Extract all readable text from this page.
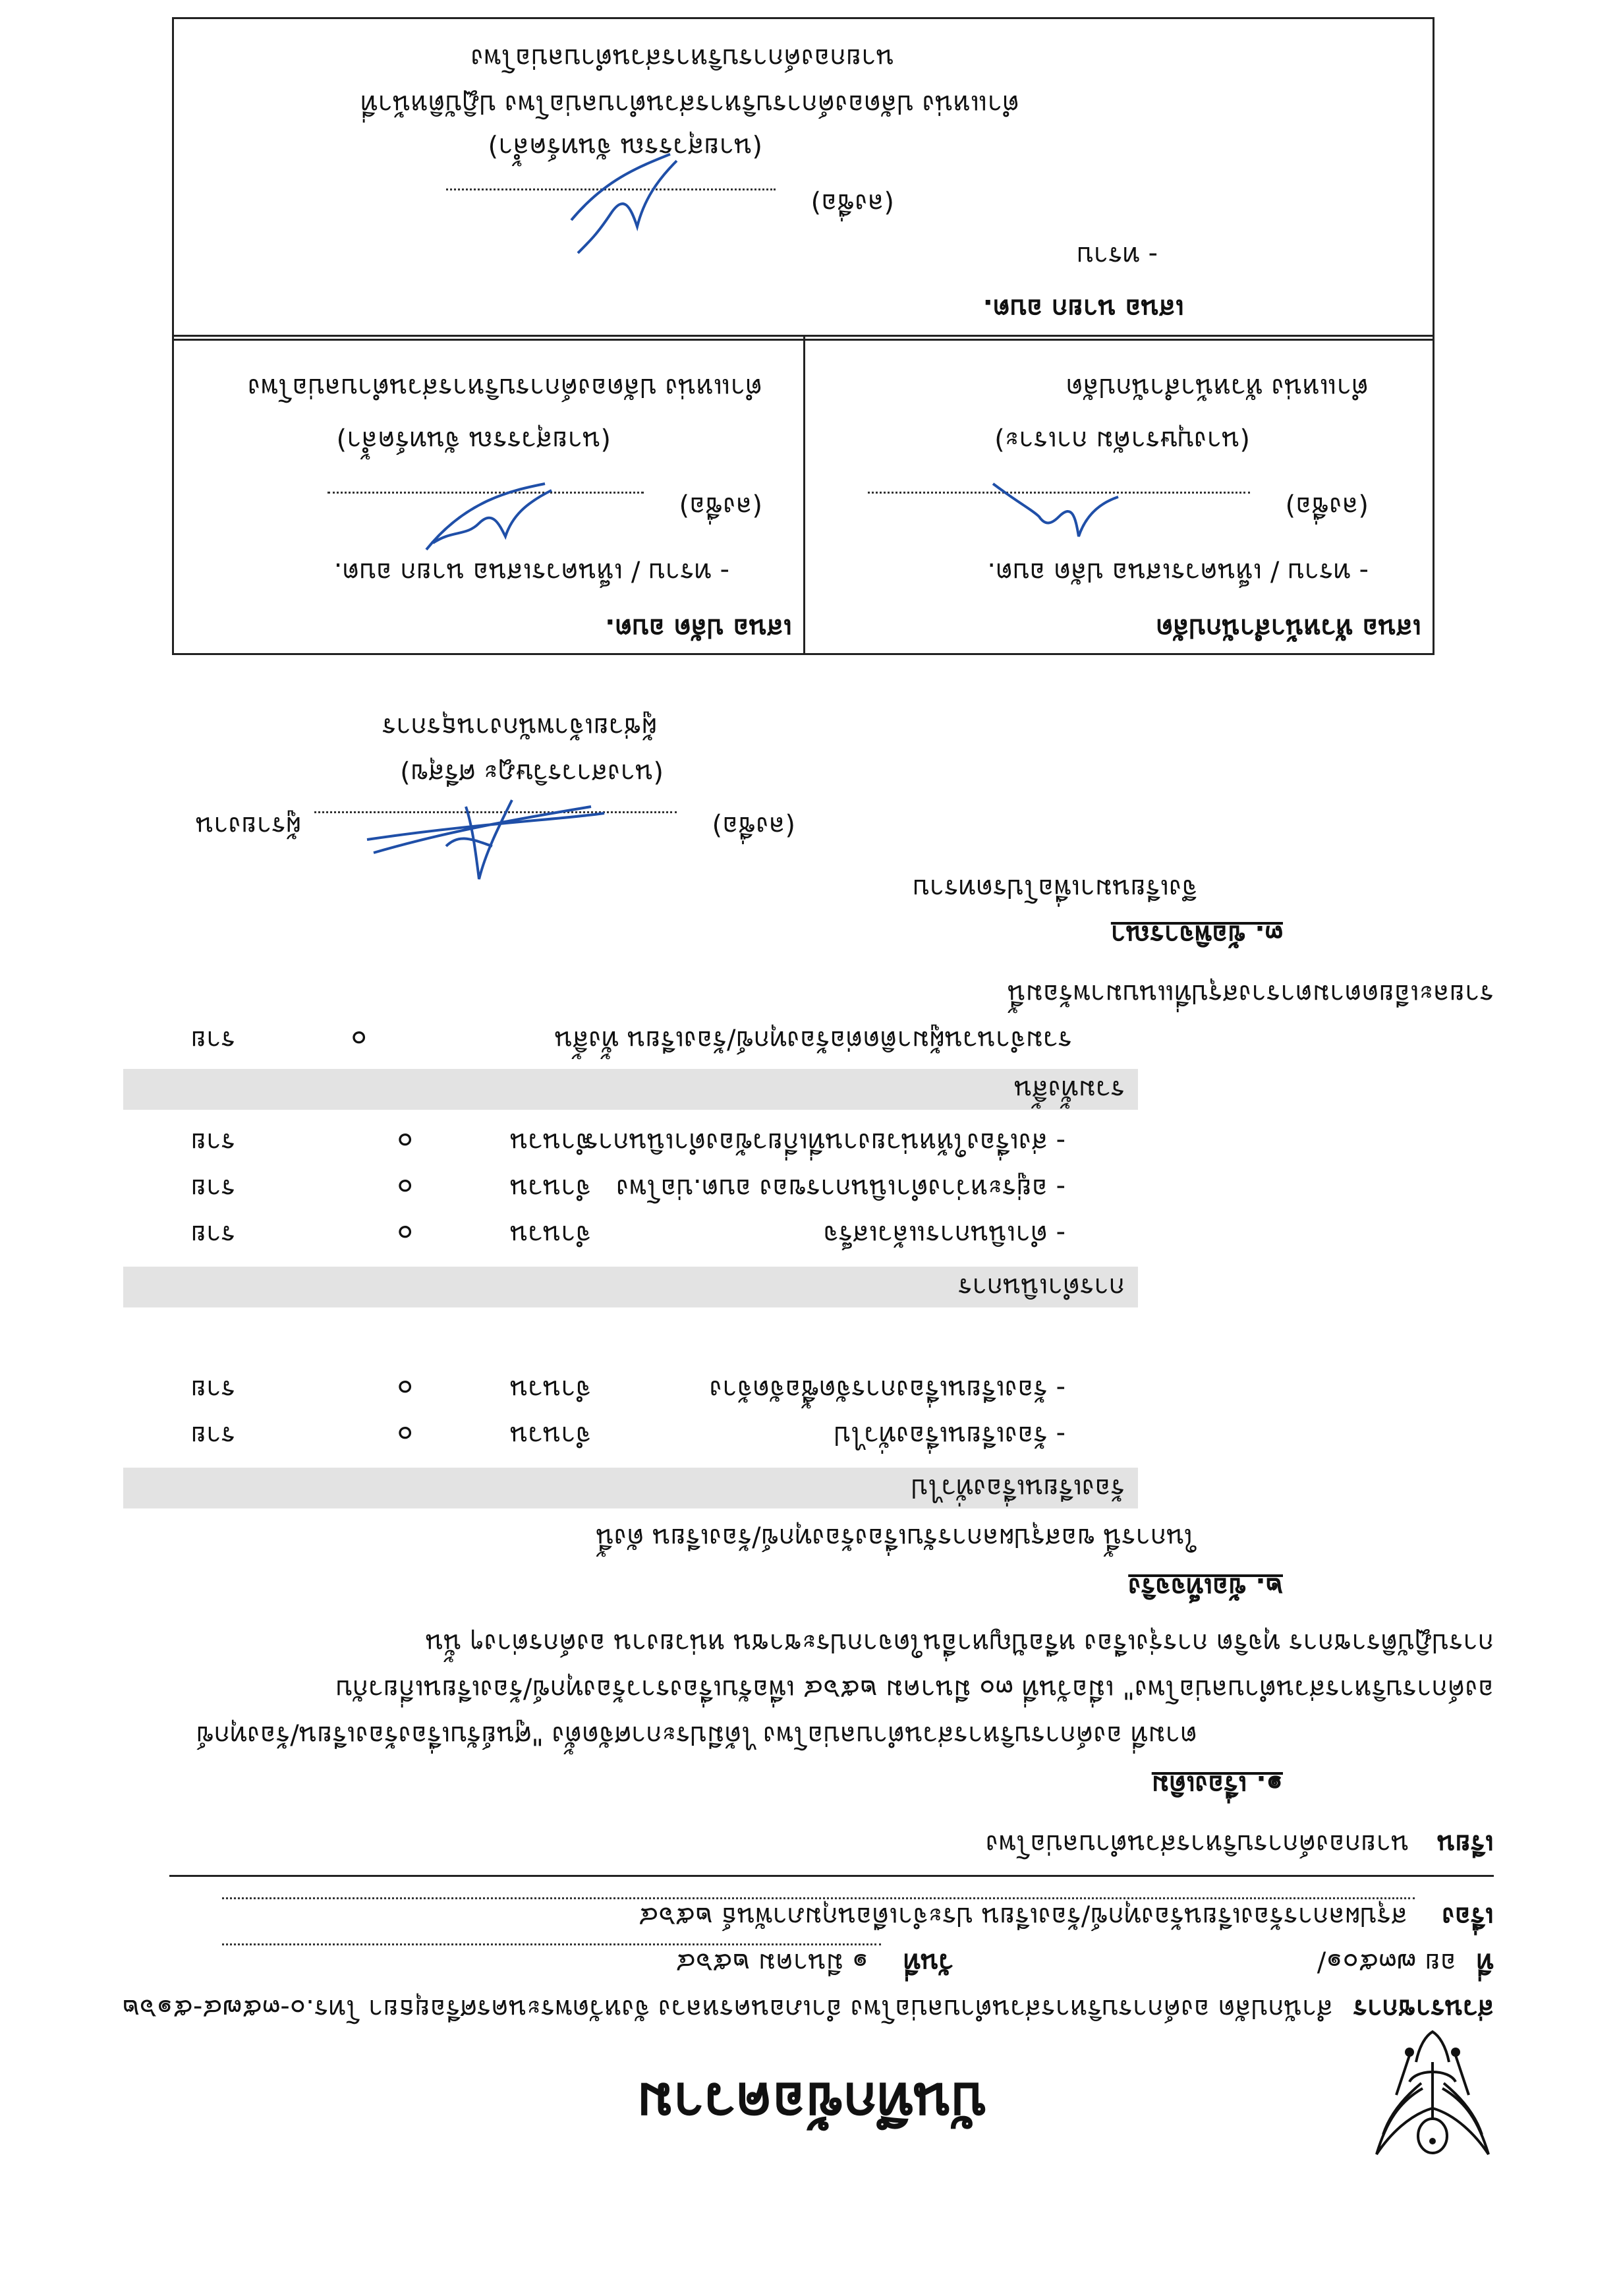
บันทึกข้อความ
ส่วนราชการ สำนักปลัด องค์การบริหารส่วนตำบลบ่อโพง อำเภอนครหลวง จังหวัดพระนครศรีอยุธยา โทร.๐-๓๕๗๔-๕๑๖๒
ที่ อย ๗๓๕๐๑/
วันที่ ๑ มีนาคม ๒๕๖๔
เรื่อง สรุปผลการร้องเรียนร้องทุกข์/ร้องเรียน ประจำเดือนกุมภาพันธ์ ๒๕๖๔
เรียน นายกองค์การบริหารส่วนตำบลบ่อโพง
๑. เรื่องเดิม
ตามที่ องค์การบริหารส่วนตำบลบ่อโพง ได้มีประกาศจัดตั้ง "ศูนย์รับเรื่องร้องเรียน/ร้องทุกข์
องค์การบริหารส่วนตำบลบ่อโพง" เมื่อวันที่ ๓๐ มีนาคม ๒๕๖๔ เพื่อรับเรื่องราวร้องทุกข์/ร้องเรียนเกี่ยวกับ
การปฏิบัติราชการ ทุจริต การรุ่งเรือง หรือปัญหาอื่นใดจากประชาชน หน่วยงาน องค์กรต่างๆ นั้น
๒. ข้อเท็จจริง
ในการนี้ ขอสรุปผลการรับเรื่องร้องทุกข์/ร้องเรียน ดังนี้
ร้องเรียนเรื่องทั่วไป
- ร้องเรียนเรื่องทั่วไป
จำนวน
๐
ราย
- ร้องเรียนเรื่องการจัดซื้อจัดจ้าง
จำนวน
๐
ราย
การดำเนินการ
- ดำเนินการแล้วเสร็จ
จำนวน
๐
ราย
- อยู่ระหว่างดำเนินการของ อบต.บ่อโพง
จำนวน
๐
ราย
- ส่งเรื่องให้หน่วยงานที่เกี่ยวข้องดำเนินการ
จำนวน
๐
ราย
รวมทั้งสิ้น
รวมจำนวนผู้มาติดต่อร้องทุกข์/ร้องเรียน ทั้งสิ้น
๐
ราย
รายละเอียดตามตารางสรุปที่แนบมาพร้อมนี้
๓. ข้อพิจารณา
จึงเรียนมาเพื่อโปรดทราบ
(ลงชื่อ)
ผู้รายงาน
(นางสาวรวิษฎะ ศรีสุข)
ผู้ช่วยเจ้าพนักงานธุรการ
เสนอ หัวหน้าสำนักปลัด
- ทราบ / เห็นควรเสนอ ปลัด อบต.
(ลงชื่อ)
(นางบุษราคัม กาเราะ)
ตำแหน่ง หัวหน้าสำนักปลัด
เสนอ ปลัด อบต.
- ทราบ / เห็นควรเสนอ นายก อบต.
(ลงชื่อ)
(นายสุวรรณ จันทร์คล้ำ)
ตำแหน่ง ปลัดองค์การบริหารส่วนตำบลบ่อโพง
เสนอ นายก อบต.
- ทราบ
(ลงชื่อ)
(นายสุวรรณ จันทร์คล้ำ)
ตำแหน่ง ปลัดองค์การบริหารส่วนตำบลบ่อโพง ปฏิบัติหน้าที่
นายกองค์การบริหารส่วนตำบลบ่อโพง
